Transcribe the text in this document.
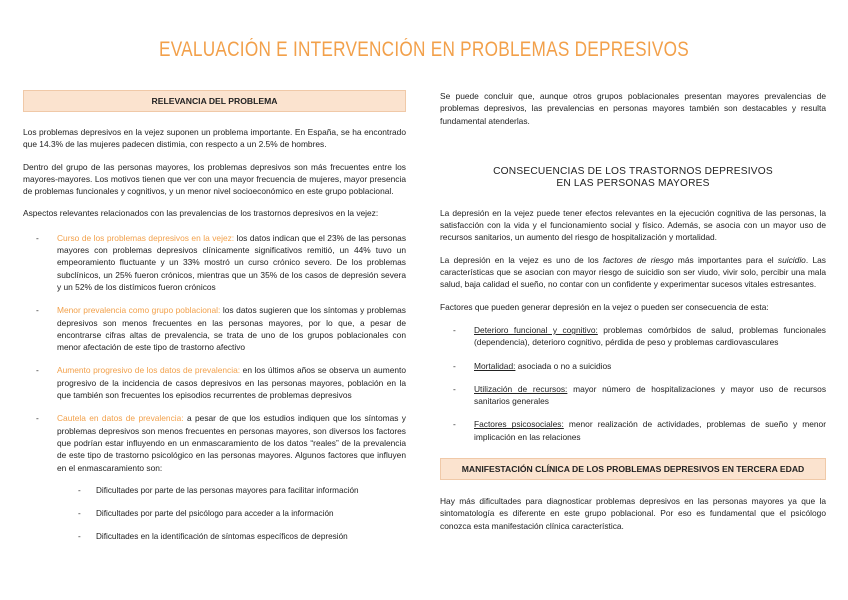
EVALUACIÓN E INTERVENCIÓN EN PROBLEMAS DEPRESIVOS
RELEVANCIA DEL PROBLEMA

Los problemas depresivos en la vejez suponen un problema importante. En España, se ha encontrado que 14.3% de las mujeres padecen distimia, con respecto a un 2.5% de hombres.

Dentro del grupo de las personas mayores, los problemas depresivos son más frecuentes entre los mayores-mayores. Los motivos tienen que ver con una mayor frecuencia de mujeres, mayor presencia de problemas funcionales y cognitivos, y un menor nivel socioeconómico en este grupo poblacional.

Aspectos relevantes relacionados con las prevalencias de los trastornos depresivos en la vejez:

- Curso de los problemas depresivos en la vejez: los datos indican que el 23% de las personas mayores con problemas depresivos clínicamente significativos remitió, un 44% tuvo un empeoramiento fluctuante y un 33% mostró un curso crónico severo. De los problemas subclínicos, un 25% fueron crónicos, mientras que un 35% de los casos de depresión severa y un 52% de los distímicos fueron crónicos

- Menor prevalencia como grupo poblacional: los datos sugieren que los síntomas y problemas depresivos son menos frecuentes en las personas mayores, por lo que, a pesar de encontrarse cifras altas de prevalencia, se trata de uno de los grupos poblacionales con menor afectación de este tipo de trastorno afectivo

- Aumento progresivo de los datos de prevalencia: en los últimos años se observa un aumento progresivo de la incidencia de casos depresivos en las personas mayores, población en la que también son frecuentes los episodios recurrentes de problemas depresivos

- Cautela en datos de prevalencia: a pesar de que los estudios indiquen que los síntomas y problemas depresivos son menos frecuentes en personas mayores, son diversos los factores que podrían estar influyendo en un enmascaramiento de los datos “reales” de la prevalencia de este tipo de trastorno psicológico en las personas mayores. Algunos factores que influyen en el enmascaramiento son:

- Dificultades por parte de las personas mayores para facilitar información
- Dificultades por parte del psicólogo para acceder a la información
- Dificultades en la identificación de síntomas específicos de depresión

Se puede concluir que, aunque otros grupos poblacionales presentan mayores prevalencias de problemas depresivos, las prevalencias en personas mayores también son destacables y resulta fundamental atenderlas.

CONSECUENCIAS DE LOS TRASTORNOS DEPRESIVOS
EN LAS PERSONAS MAYORES

La depresión en la vejez puede tener efectos relevantes en la ejecución cognitiva de las personas, la satisfacción con la vida y el funcionamiento social y físico. Además, se asocia con un mayor uso de recursos sanitarios, un aumento del riesgo de hospitalización y mortalidad.

La depresión en la vejez es uno de los factores de riesgo más importantes para el suicidio. Las características que se asocian con mayor riesgo de suicidio son ser viudo, vivir solo, percibir una mala salud, baja calidad el sueño, no contar con un confidente y experimentar sucesos vitales estresantes.

Factores que pueden generar depresión en la vejez o pueden ser consecuencia de esta:

- Deterioro funcional y cognitivo: problemas comórbidos de salud, problemas funcionales (dependencia), deterioro cognitivo, pérdida de peso y problemas cardiovasculares

- Mortalidad: asociada o no a suicidios

- Utilización de recursos: mayor número de hospitalizaciones y mayor uso de recursos sanitarios generales

- Factores psicosociales: menor realización de actividades, problemas de sueño y menor implicación en las relaciones

MANIFESTACIÓN CLÍNICA DE LOS PROBLEMAS DEPRESIVOS EN TERCERA EDAD

Hay más dificultades para diagnosticar problemas depresivos en las personas mayores ya que la sintomatología es diferente en este grupo poblacional. Por eso es fundamental que el psicólogo conozca esta manifestación clínica característica.
